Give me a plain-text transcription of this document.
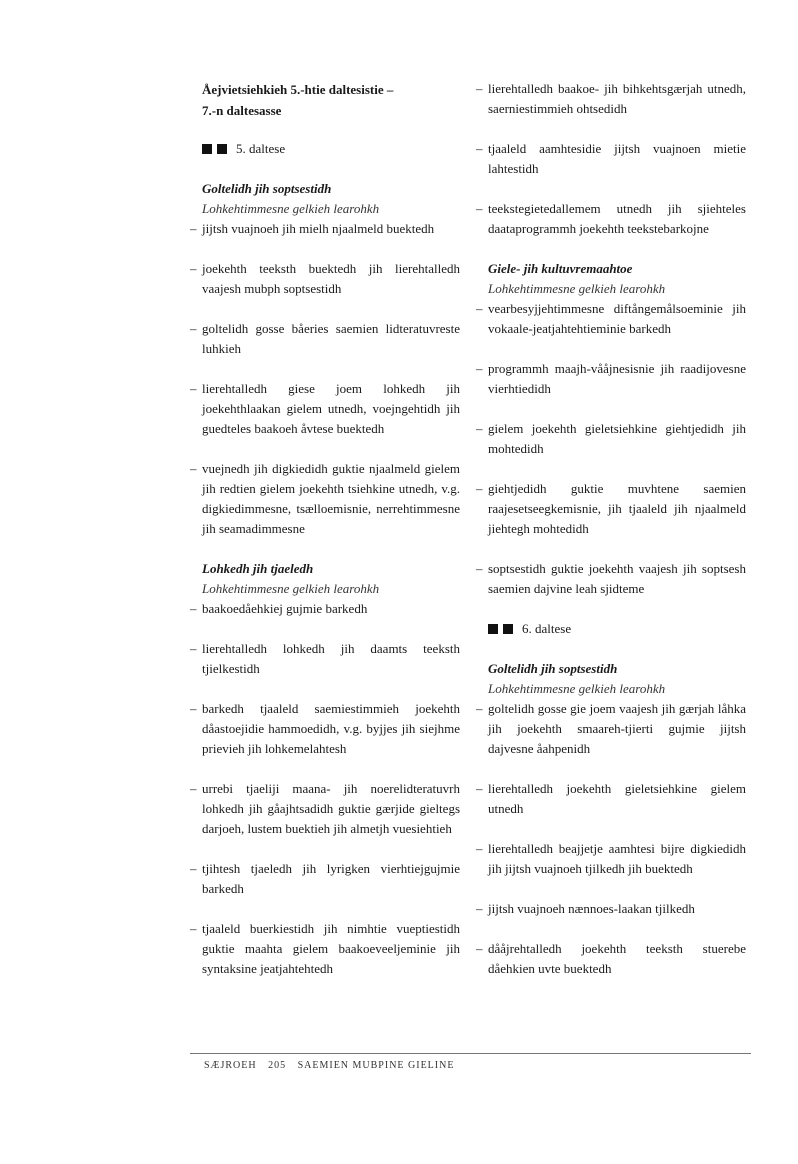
Åejvietsiehkieh 5.-htie daltesistie –

7.-n daltesasse

5. daltese

Goltelidh jih soptsestidh

Lohkehtimmesne gelkieh learohkh

– jijtsh vuajnoeh jih mielh njaalmeld buektedh
– joekehth teeksth buektedh jih lierehtalledh vaajesh mubph soptsestidh
– goltelidh gosse båeries saemien lidteratuvreste luhkieh
– lierehtalledh giese joem lohkedh jih joekehthlaakan gielem utnedh, voejngehtidh jih guedteles baakoeh åvtese buektedh
– vuejnedh jih digkiedidh guktie njaalmeld gielem jih redtien gielem joekehth tsiehkine utnedh, v.g. digkiedimmesne, tsælloemisnie, nerrehtimmesne jih seamadimmesne

Lohkedh jih tjaeledh

Lohkehtimmesne gelkieh learohkh

– baakoedåehkiej gujmie barkedh
– lierehtalledh lohkedh jih daamts teeksth tjielkestidh
– barkedh tjaaleld saemiestimmieh joekehth dåastoejidie hammoedidh, v.g. byjjes jih siejhme prievieh jih lohkemelahtesh
– urrebi tjaeliji maana- jih noerelidteratuvrh lohkedh jih gåajhtsadidh guktie gærjide gieltegs darjoeh, lustem buektieh jih almetjh vuesiehtieh
– tjihtesh tjaeledh jih lyrigken vierhtiejgujmie barkedh
– tjaaleld buerkiestidh jih nimhtie vueptiestidh guktie maahta gielem baakoeveeljeminie jih syntaksine jeatjahtehtedh
– lierehtalledh baakoe- jih bihkehtsgærjah utnedh, saerniestimmieh ohtsedidh
– tjaaleld aamhtesidie jijtsh vuajnoen mietie lahtestidh
– teekstegietedallemem utnedh jih sjiehteles daataprogrammh joekehth teekstebarkojne

Giele- jih kultuvremaahtoe

Lohkehtimmesne gelkieh learohkh

– vearbesyjjehtimmesne diftångemålsoeminie jih vokaale-jeatjahtehtieminie barkedh
– programmh maajh-vååjnesisnie jih raadijovesne vierhtiedidh
– gielem joekehth gieletsiehkine giehtjedidh jih mohtedidh
– giehtjedidh guktie muvhtene saemien raajesetseegkemisnie, jih tjaaleld jih njaalmeld jiehtegh mohtedidh
– soptsestidh guktie joekehth vaajesh jih soptsesh saemien dajvine leah sjidteme
6. daltese

Goltelidh jih soptsestidh

Lohkehtimmesne gelkieh learohkh

– goltelidh gosse gie joem vaajesh jih gærjah låhka jih joekehth smaareh-tjierti gujmie jijtsh dajvesne åahpenidh
– lierehtalledh joekehth gieletsiehkine gielem utnedh
– lierehtalledh beajjetje aamhtesi bijre digkiedidh jih jijtsh vuajnoeh tjilkedh jih buektedh
– jijtsh vuajnoeh nænnoes-laakan tjilkedh
– dååjrehtalledh joekehth teeksth stuerebe dåehkien uvte buektedh
SÆJROEH 205 SAEMIEN MUBPINE GIELINE
